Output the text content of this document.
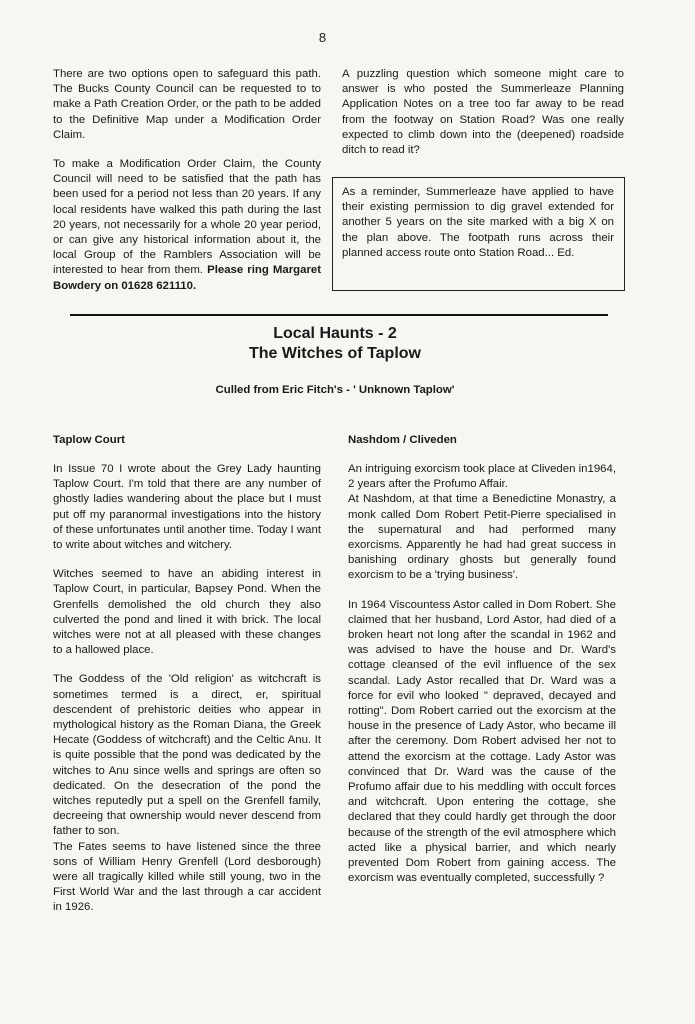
8

There are two options open to safeguard this path. The Bucks County Council can be requested to to make a Path Creation Order, or the path to be added to the Definitive Map under a Modification Order Claim.

To make a Modification Order Claim, the County Council will need to be satisfied that the path has been used for a period not less than 20 years. If any local residents have walked this path during the last 20 years, not necessarily for a whole 20 year period, or can give any historical information about it, the local Group of the Ramblers Association will be interested to hear from them. Please ring Margaret Bowdery on 01628 621110.

A puzzling question which someone might care to answer is who posted the Summerleaze Planning Application Notes on a tree too far away to be read from the footway on Station Road? Was one really expected to climb down into the (deepened) roadside ditch to read it?

As a reminder, Summerleaze have applied to have their existing permission to dig gravel extended for another 5 years on the site marked with a big X on the plan above. The footpath runs across their planned access route onto Station Road... Ed.
Local Haunts - 2
The Witches of Taplow
Culled from Eric Fitch's - ' Unknown Taplow'
Taplow Court	Nashdom / Cliveden

In Issue 70 I wrote about the Grey Lady haunting Taplow Court. I'm told that there are any number of ghostly ladies wandering about the place but I must put off my paranormal investigations into the history of these unfortunates until another time. Today I want to write about witches and witchery.

Witches seemed to have an abiding interest in Taplow Court, in particular, Bapsey Pond. When the Grenfells demolished the old church they also culverted the pond and lined it with brick. The local witches were not at all pleased with these changes to a hallowed place.

The Goddess of the 'Old religion' as witchcraft is sometimes termed is a direct, er, spiritual descendent of prehistoric deities who appear in mythological history as the Roman Diana, the Greek Hecate (Goddess of witchcraft) and the Celtic Anu. It is quite possible that the pond was dedicated by the witches to Anu since wells and springs are often so dedicated. On the desecration of the pond the witches reputedly put a spell on the Grenfell family, decreeing that ownership would never descend from father to son.

The Fates seems to have listened since the three sons of William Henry Grenfell (Lord desborough) were all tragically killed while still young, two in the First World War and the last through a car accident in 1926.

An intriguing exorcism took place at Cliveden in1964, 2 years after the Profumo Affair.

At Nashdom, at that time a Benedictine Monastry, a monk called Dom Robert Petit-Pierre specialised in the supernatural and had performed many exorcisms. Apparently he had had great success in banishing ordinary ghosts but generally found exorcism to be a 'trying business'.

In 1964 Viscountess Astor called in Dom Robert. She claimed that her husband, Lord Astor, had died of a broken heart not long after the scandal in 1962 and was advised to have the house and Dr. Ward's cottage cleansed of the evil influence of the sex scandal. Lady Astor recalled that Dr. Ward was a force for evil who looked " depraved, decayed and rotting". Dom Robert carried out the exorcism at the house in the presence of Lady Astor, who became ill after the ceremony. Dom Robert advised her not to attend the exorcism at the cottage. Lady Astor was convinced that Dr. Ward was the cause of the Profumo affair due to his meddling with occult forces and witchcraft. Upon entering the cottage, she declared that they could hardly get through the door because of the strength of the evil atmosphere which acted like a physical barrier, and which nearly prevented Dom Robert from gaining access. The exorcism was eventually completed, successfully ?
